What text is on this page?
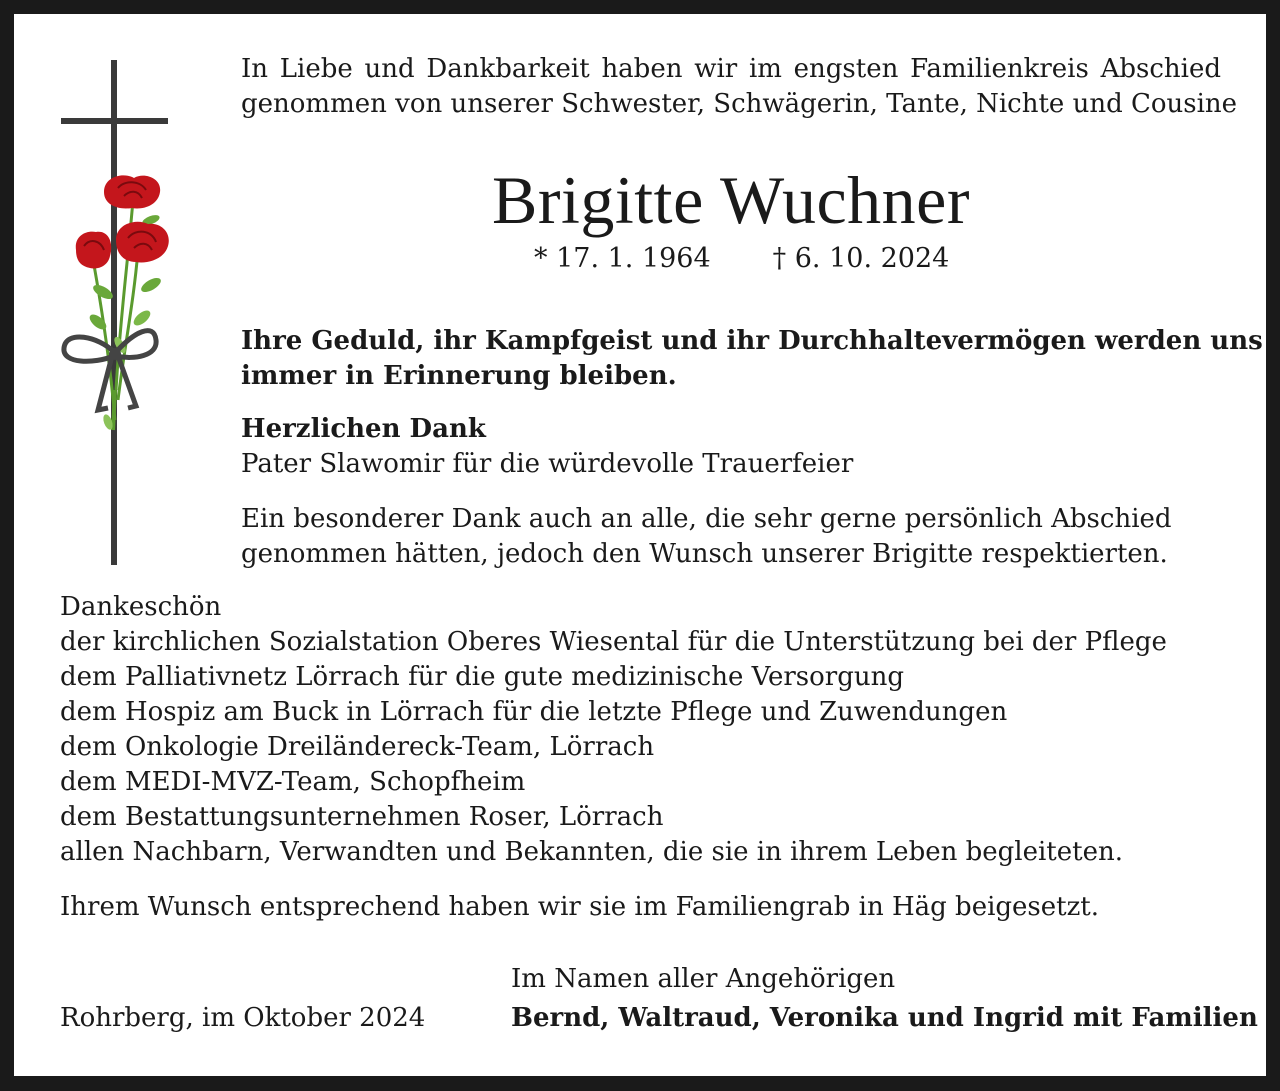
In Liebe und Dankbarkeit haben wir im engsten Familienkreis Abschied
genommen von unserer Schwester, Schwägerin, Tante, Nichte und Cousine
Brigitte Wuchner
* 17. 1. 1964 † 6. 10. 2024
Ihre Geduld, ihr Kampfgeist und ihr Durchhaltevermögen werden uns
immer in Erinnerung bleiben.
Herzlichen Dank
Pater Slawomir für die würdevolle Trauerfeier
Ein besonderer Dank auch an alle, die sehr gerne persönlich Abschied
genommen hätten, jedoch den Wunsch unserer Brigitte respektierten.
Dankeschön
der kirchlichen Sozialstation Oberes Wiesental für die Unterstützung bei der Pflege
dem Palliativnetz Lörrach für die gute medizinische Versorgung
dem Hospiz am Buck in Lörrach für die letzte Pflege und Zuwendungen
dem Onkologie Dreiländereck-Team, Lörrach
dem MEDI-MVZ-Team, Schopfheim
dem Bestattungsunternehmen Roser, Lörrach
allen Nachbarn, Verwandten und Bekannten, die sie in ihrem Leben begleiteten.
Ihrem Wunsch entsprechend haben wir sie im Familiengrab in Häg beigesetzt.
Im Namen aller Angehörigen
Rohrberg, im Oktober 2024	Bernd, Waltraud, Veronika und Ingrid mit Familien
